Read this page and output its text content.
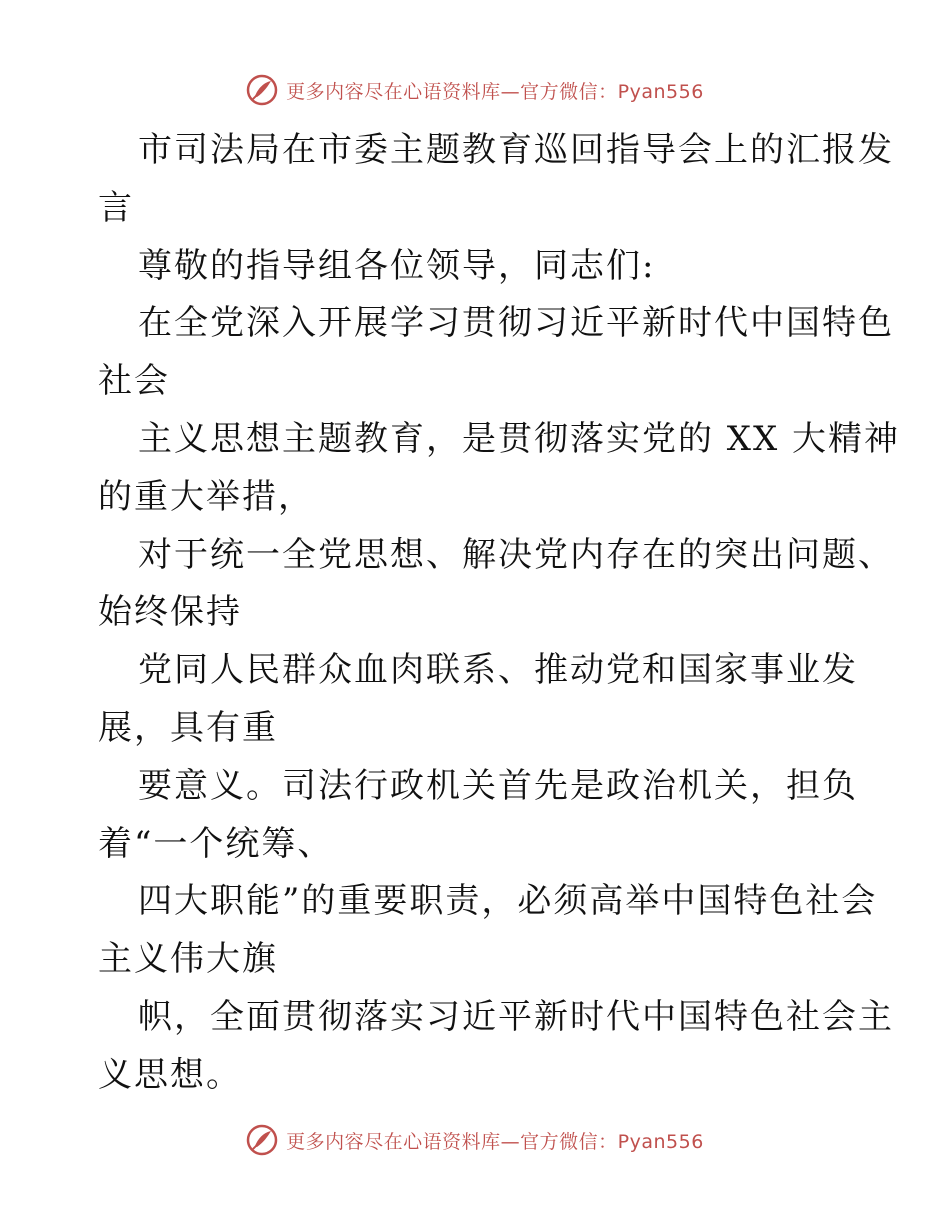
更多内容尽在心语资料库—官方微信：Pyan556
市司法局在市委主题教育巡回指导会上的汇报发
言
尊敬的指导组各位领导，同志们:
在全党深入开展学习贯彻习近平新时代中国特色
社会
主义思想主题教育，是贯彻落实党的 XX 大精神
的重大举措，
对于统一全党思想、解决党内存在的突出问题、
始终保持
党同人民群众血肉联系、推动党和国家事业发
展，具有重
要意义。司法行政机关首先是政治机关，担负
着“一个统筹、
四大职能”的重要职责，必须高举中国特色社会
主义伟大旗
帜，全面贯彻落实习近平新时代中国特色社会主
义思想。
更多内容尽在心语资料库—官方微信：Pyan556
